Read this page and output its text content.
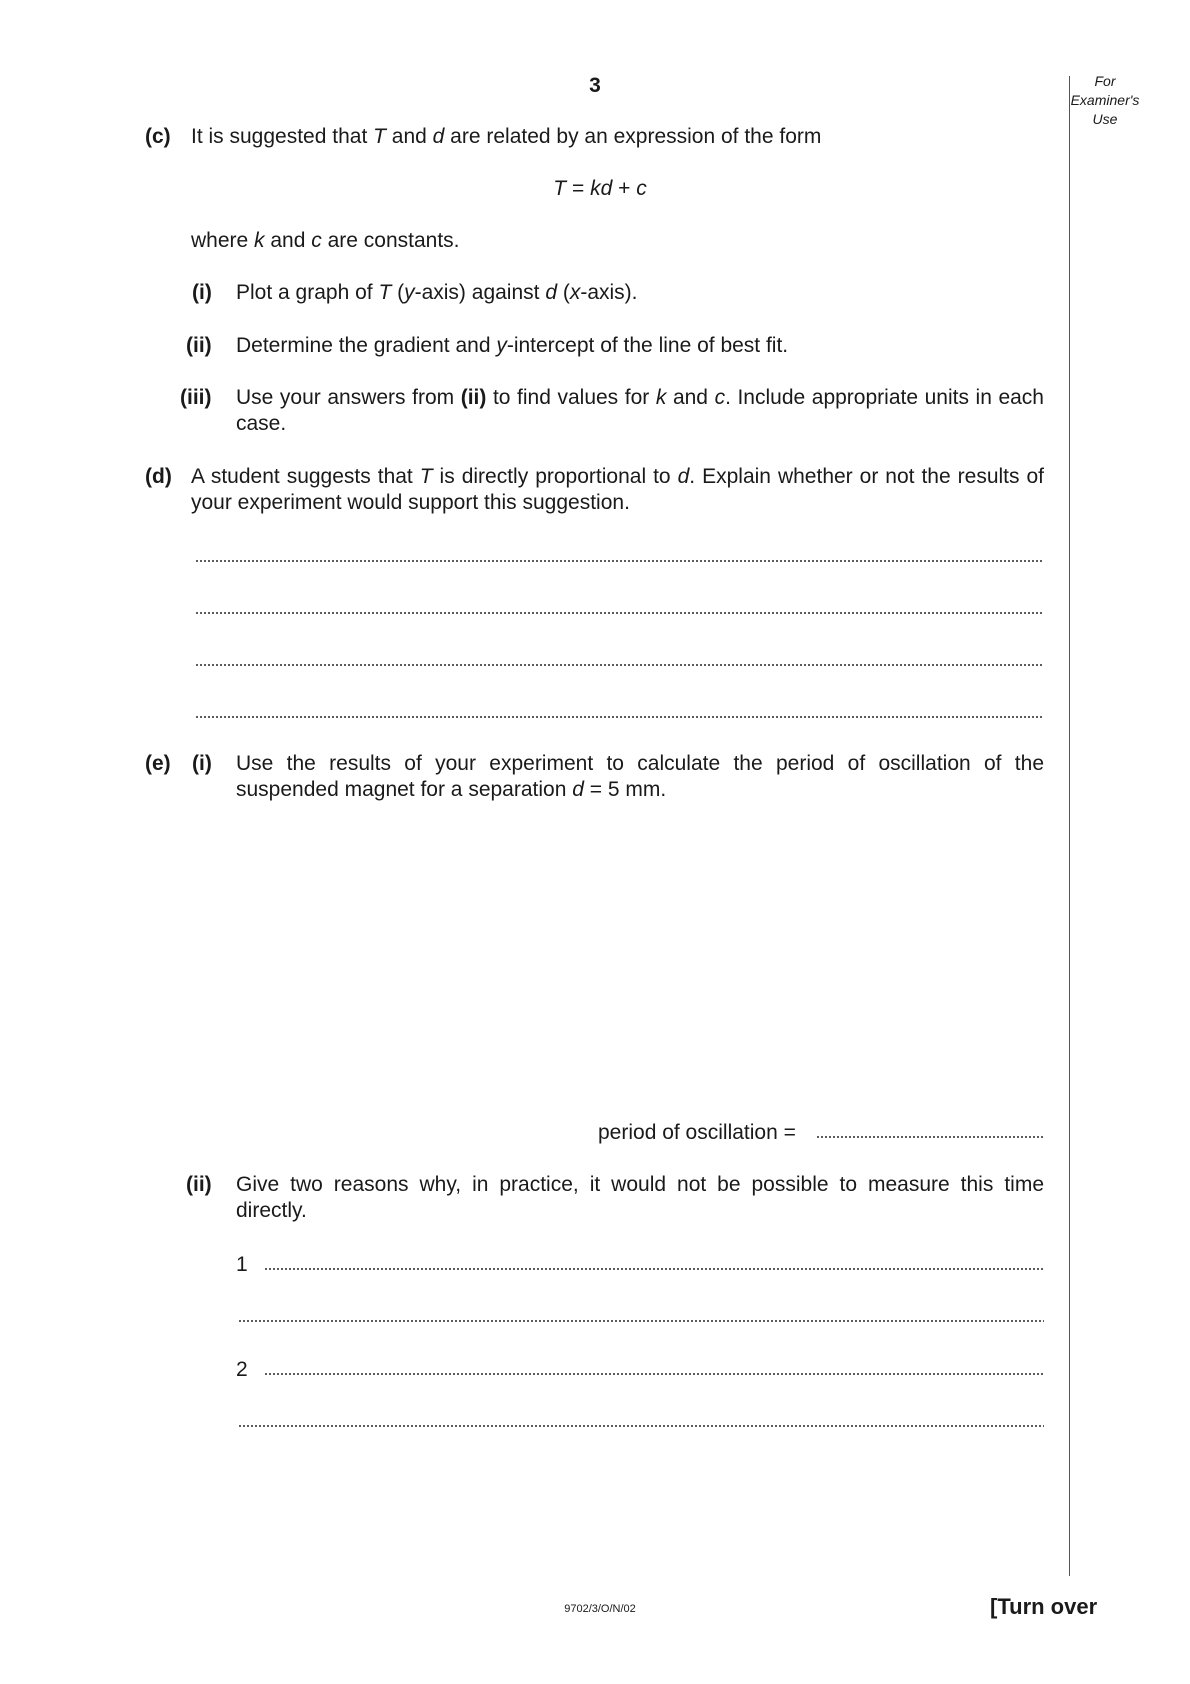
3	For
Examiner's
Use
(c) It is suggested that T and d are related by an expression of the form
T = kd + c
where k and c are constants.
(i) Plot a graph of T (y-axis) against d (x-axis).
(ii) Determine the gradient and y-intercept of the line of best fit.
(iii) Use your answers from (ii) to find values for k and c. Include appropriate units in each case.
(d) A student suggests that T is directly proportional to d. Explain whether or not the results of your experiment would support this suggestion.
(e) (i) Use the results of your experiment to calculate the period of oscillation of the suspended magnet for a separation d = 5 mm.
period of oscillation =
(ii) Give two reasons why, in practice, it would not be possible to measure this time directly.
1
2
9702/3/O/N/02	[Turn over
